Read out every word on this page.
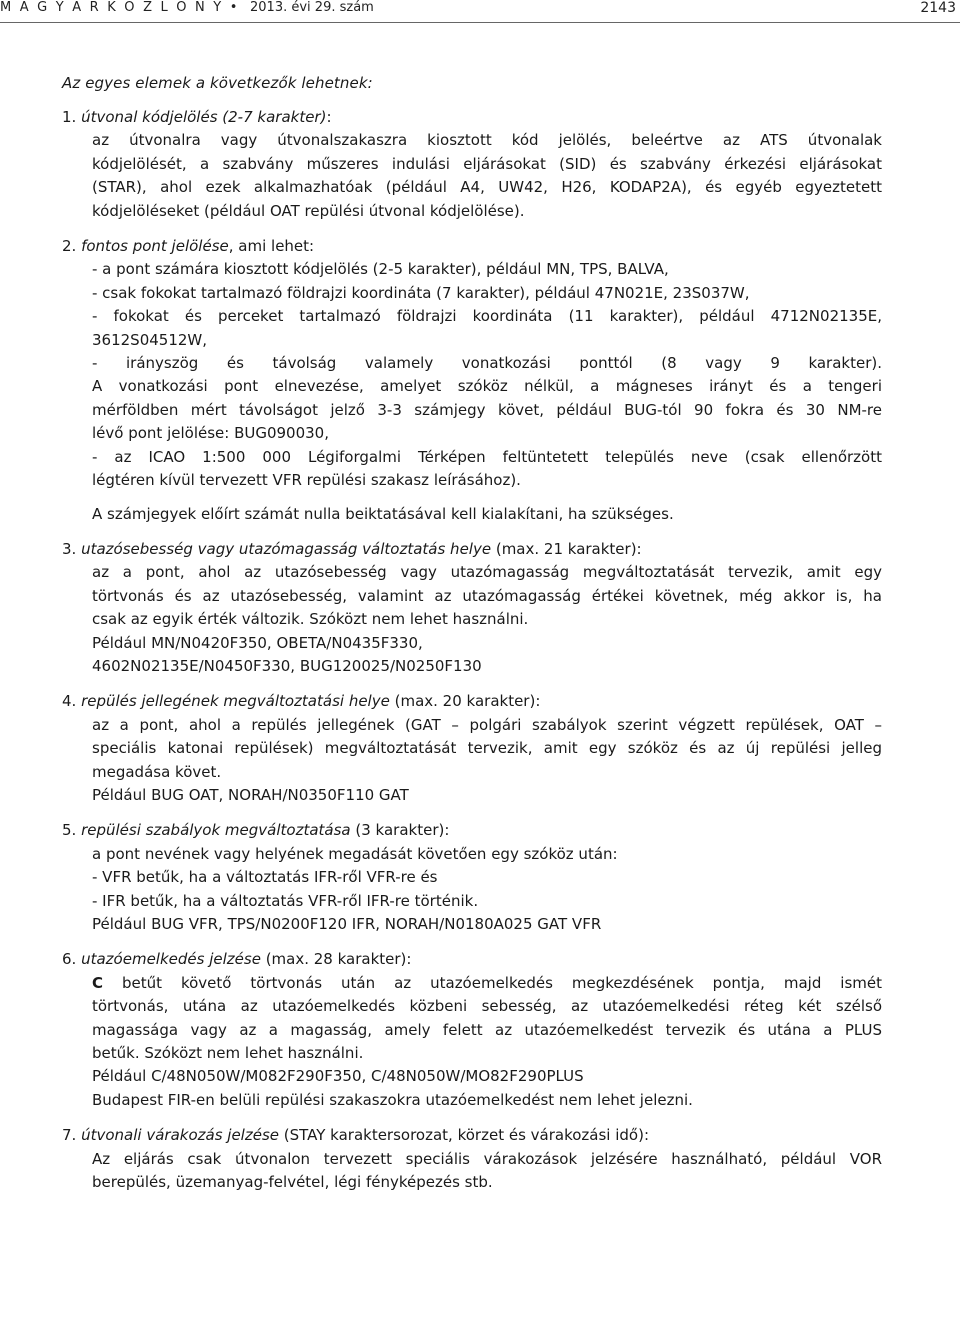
M A G Y A R K Ö Z L Ö N Y • 2013. évi 29. szám	2143
Az egyes elemek a következők lehetnek:
1. útvonal kódjelölés (2-7 karakter):
az útvonalra vagy útvonalszakaszra kiosztott kód jelölés, beleértve az ATS útvonalak
kódjelölését, a szabvány műszeres indulási eljárásokat (SID) és szabvány érkezési eljárásokat
(STAR), ahol ezek alkalmazhatóak (például A4, UW42, H26, KODAP2A), és egyéb egyeztetett
kódjelöléseket (például OAT repülési útvonal kódjelölése).
2. fontos pont jelölése, ami lehet:
- a pont számára kiosztott kódjelölés (2-5 karakter), például MN, TPS, BALVA,
- csak fokokat tartalmazó földrajzi koordináta (7 karakter), például 47N021E, 23S037W,
- fokokat és perceket tartalmazó földrajzi koordináta (11 karakter), például 4712N02135E,
3612S04512W,
- irányszög és távolság valamely vonatkozási ponttól (8 vagy 9 karakter).
A vonatkozási pont elnevezése, amelyet szóköz nélkül, a mágneses irányt és a tengeri
mérföldben mért távolságot jelző 3-3 számjegy követ, például BUG-tól 90 fokra és 30 NM-re
lévő pont jelölése: BUG090030,
- az ICAO 1:500 000 Légiforgalmi Térképen feltüntetett település neve (csak ellenőrzött
légtéren kívül tervezett VFR repülési szakasz leírásához).
A számjegyek előírt számát nulla beiktatásával kell kialakítani, ha szükséges.
3. utazósebesség vagy utazómagasság változtatás helye (max. 21 karakter):
az a pont, ahol az utazósebesség vagy utazómagasság megváltoztatását tervezik, amit egy
törtvonás és az utazósebesség, valamint az utazómagasság értékei követnek, még akkor is, ha
csak az egyik érték változik. Szóközt nem lehet használni.
Például MN/N0420F350, OBETA/N0435F330,
4602N02135E/N0450F330, BUG120025/N0250F130
4. repülés jellegének megváltoztatási helye (max. 20 karakter):
az a pont, ahol a repülés jellegének (GAT – polgári szabályok szerint végzett repülések, OAT –
speciális katonai repülések) megváltoztatását tervezik, amit egy szóköz és az új repülési jelleg
megadása követ.
Például BUG OAT, NORAH/N0350F110 GAT
5. repülési szabályok megváltoztatása (3 karakter):
a pont nevének vagy helyének megadását követően egy szóköz után:
- VFR betűk, ha a változtatás IFR-ről VFR-re és
- IFR betűk, ha a változtatás VFR-ről IFR-re történik.
Például BUG VFR, TPS/N0200F120 IFR, NORAH/N0180A025 GAT VFR
6. utazóemelkedés jelzése (max. 28 karakter):
C betűt követő törtvonás után az utazóemelkedés megkezdésének pontja, majd ismét
törtvonás, utána az utazóemelkedés közbeni sebesség, az utazóemelkedési réteg két szélső
magassága vagy az a magasság, amely felett az utazóemelkedést tervezik és utána a PLUS
betűk. Szóközt nem lehet használni.
Például C/48N050W/M082F290F350, C/48N050W/MO82F290PLUS
Budapest FIR-en belüli repülési szakaszokra utazóemelkedést nem lehet jelezni.
7. útvonali várakozás jelzése (STAY karaktersorozat, körzet és várakozási idő):
Az eljárás csak útvonalon tervezett speciális várakozások jelzésére használható, például VOR
berepülés, üzemanyag-felvétel, légi fényképezés stb.
